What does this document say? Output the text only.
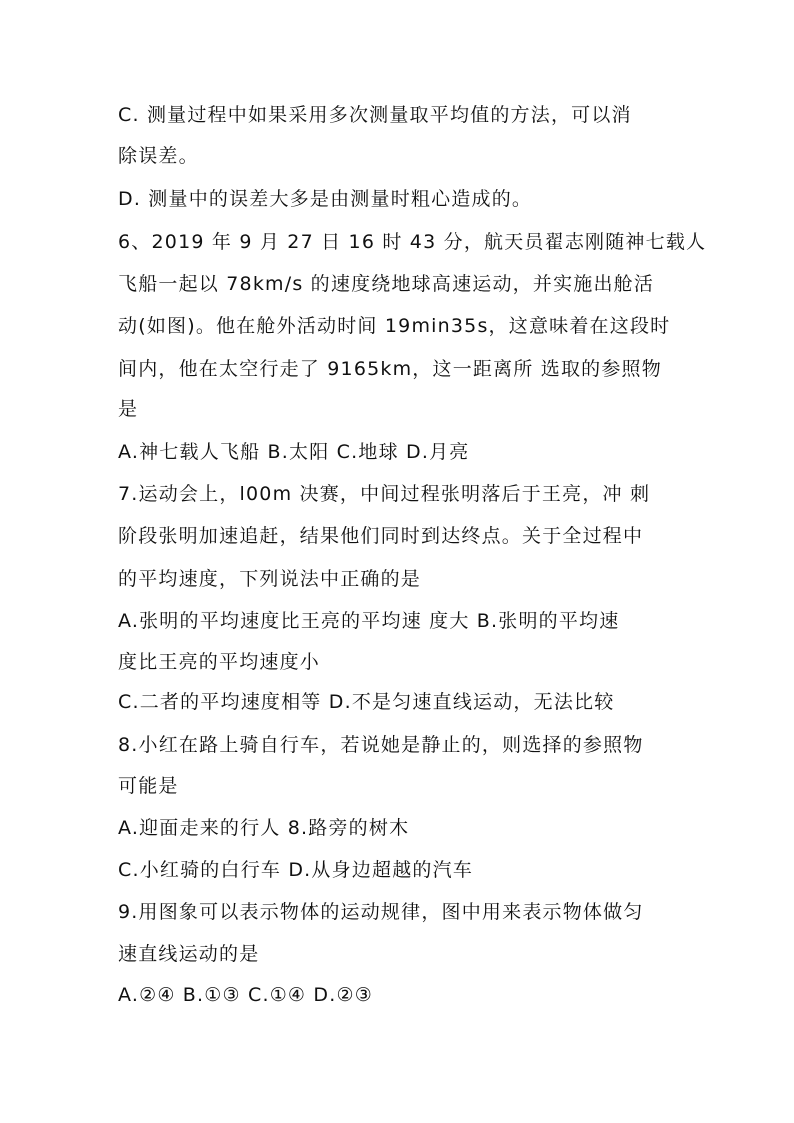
C. 测量过程中如果采用多次测量取平均值的方法，可以消
除误差。
D. 测量中的误差大多是由测量时粗心造成的。
6、2019 年 9 月 27 日 16 时 43 分，航天员翟志刚随神七载人
飞船一起以 78km/s 的速度绕地球高速运动，并实施出舱活
动(如图)。他在舱外活动时间 19min35s，这意味着在这段时
间内，他在太空行走了 9165km，这一距离所 选取的参照物
是
A.神七载人飞船 B.太阳 C.地球 D.月亮
7.运动会上，l00m 决赛，中间过程张明落后于王亮，冲 刺
阶段张明加速追赶，结果他们同时到达终点。关于全过程中
的平均速度，下列说法中正确的是
A.张明的平均速度比王亮的平均速 度大 B.张明的平均速
度比王亮的平均速度小
C.二者的平均速度相等 D.不是匀速直线运动，无法比较
8.小红在路上骑自行车，若说她是静止的，则选择的参照物
可能是
A.迎面走来的行人 8.路旁的树木
C.小红骑的白行车 D.从身边超越的汽车
9.用图象可以表示物体的运动规律，图中用来表示物体做匀
速直线运动的是
A.②④ B.①③ C.①④ D.②③
